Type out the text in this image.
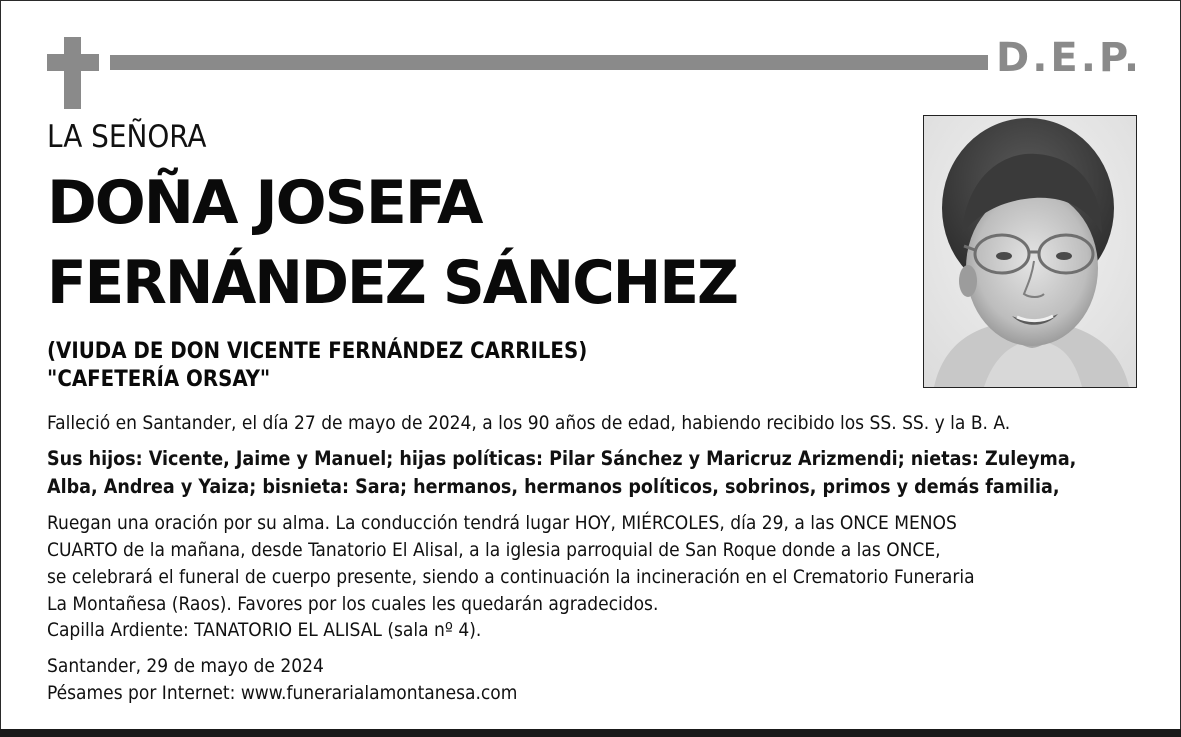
D.E.P.
LA SEÑORA
DOÑA JOSEFA
FERNÁNDEZ SÁNCHEZ
(VIUDA DE DON VICENTE FERNÁNDEZ CARRILES)
"CAFETERÍA ORSAY"
Falleció en Santander, el día 27 de mayo de 2024, a los 90 años de edad, habiendo recibido los SS. SS. y la B. A.
Sus hijos: Vicente, Jaime y Manuel; hijas políticas: Pilar Sánchez y Maricruz Arizmendi; nietas: Zuleyma,
Alba, Andrea y Yaiza; bisnieta: Sara; hermanos, hermanos políticos, sobrinos, primos y demás familia,
Ruegan una oración por su alma. La conducción tendrá lugar HOY, MIÉRCOLES, día 29, a las ONCE MENOS
CUARTO de la mañana, desde Tanatorio El Alisal, a la iglesia parroquial de San Roque donde a las ONCE,
se celebrará el funeral de cuerpo presente, siendo a continuación la incineración en el Crematorio Funeraria
La Montañesa (Raos). Favores por los cuales les quedarán agradecidos.
Capilla Ardiente: TANATORIO EL ALISAL (sala nº 4).
Santander, 29 de mayo de 2024
Pésames por Internet: www.funerarialamontanesa.com
